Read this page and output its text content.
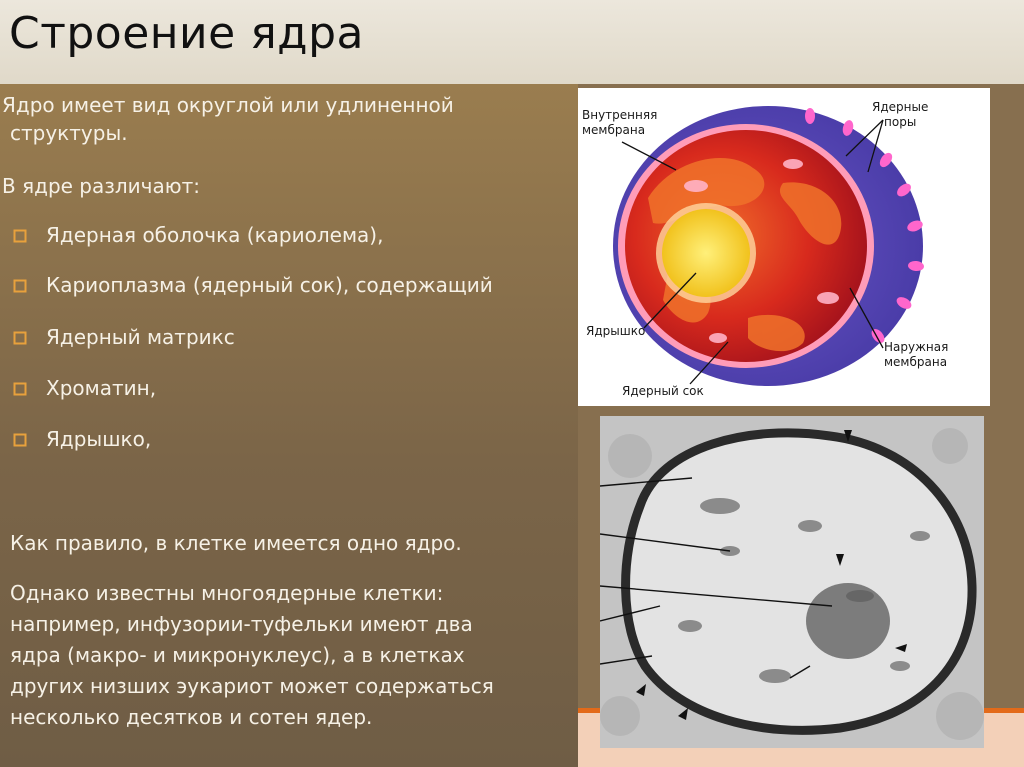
Строение ядра
Ядро имеет вид округлой или удлиненной
структуры.
В ядре различают:
Ядерная оболочка (кариолема),
Кариоплазма (ядерный сок), содержащий
Ядерный матрикс
Хроматин,
Ядрышко,
Как правило, в клетке имеется одно ядро.
Однако известны многоядерные клетки:
например, инфузории-туфельки имеют два
ядра (макро- и микронуклеус), а в клетках
других низших эукариот может содержаться
несколько десятков и сотен ядер.
Внутренняя
мембрана
Ядерные
поры
Ядрышко
Наружная
мембрана
Ядерный сок
